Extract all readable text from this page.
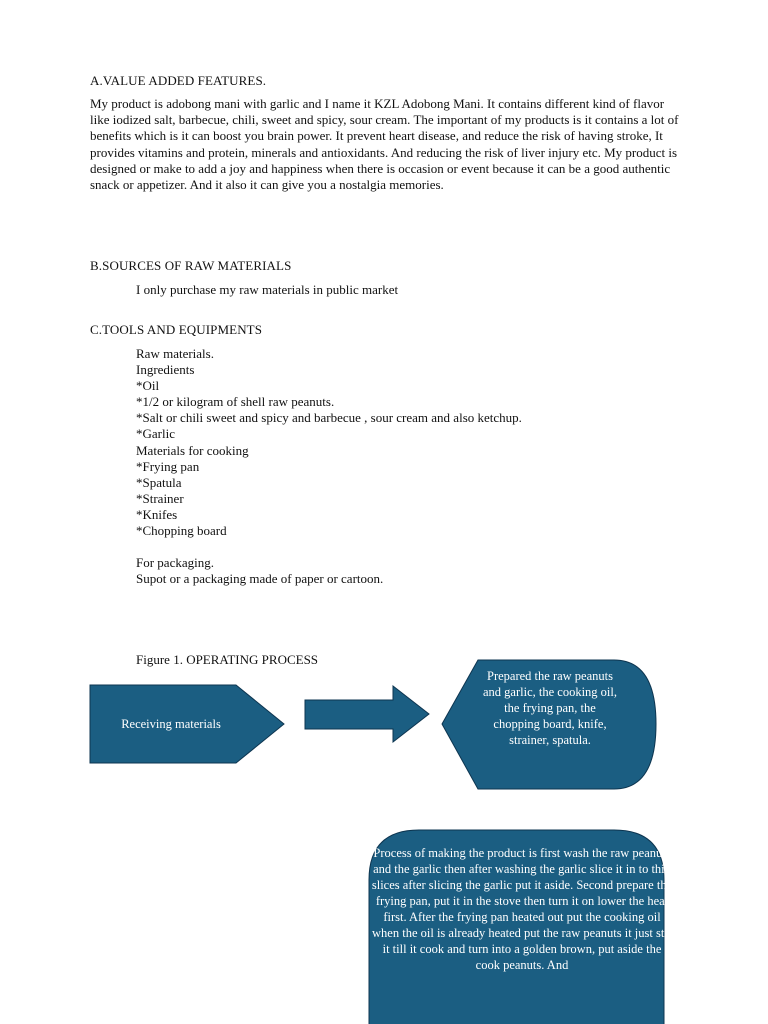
A.VALUE ADDED FEATURES.

My product is adobong mani with garlic and I name it KZL Adobong Mani. It contains different kind of flavor like iodized salt, barbecue, chili, sweet and spicy, sour cream. The important of my products is it contains a lot of benefits which is it can boost you brain power. It prevent heart disease, and reduce the risk of having stroke, It provides vitamins and protein, minerals and antioxidants. And reducing the risk of liver injury etc. My product is designed or make to add a joy and happiness when there is occasion or event because it can be a good authentic snack or appetizer. And it also it can give you a nostalgia memories.

B.SOURCES OF RAW MATERIALS
I only purchase my raw materials in public market
C.TOOLS AND EQUIPMENTS
Raw materials.
Ingredients
*Oil
*1/2 or kilogram of shell raw peanuts.
*Salt or chili sweet and spicy and barbecue , sour cream and also ketchup.
*Garlic
Materials for cooking
*Frying pan
*Spatula
*Strainer
*Knifes
*Chopping board
For packaging.
Supot or a packaging made of paper or cartoon.
Figure 1. OPERATING PROCESS
Receiving materials
Prepared the raw peanuts and garlic, the cooking oil, the frying pan, the chopping board, knife, strainer, spatula.
Process of making the product is first wash the raw peanuts and the garlic then after washing the garlic slice it in to thin slices after slicing the garlic put it aside. Second prepare the frying pan, put it in the stove then turn it on lower the heat first. After the frying pan heated out put the cooking oil when the oil is already heated put the raw peanuts it just stir it till it cook and turn into a golden brown, put aside the cook peanuts. And
